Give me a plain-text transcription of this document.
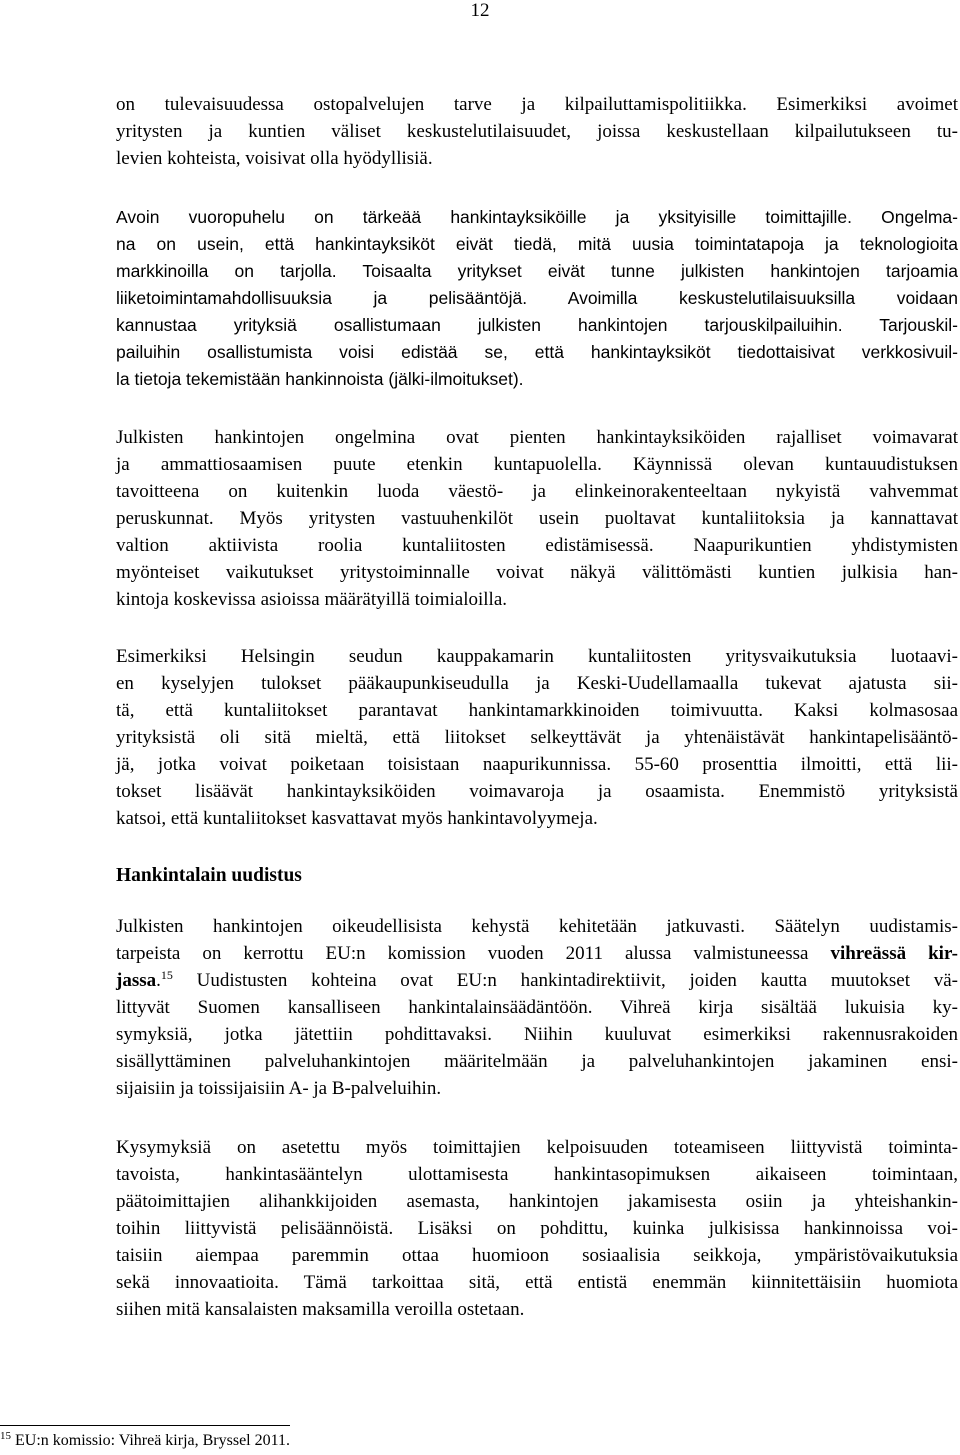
12
on tulevaisuudessa ostopalvelujen tarve ja kilpailuttamispolitiikka. Esimerkiksi avoimet
yritysten ja kuntien väliset keskustelutilaisuudet, joissa keskustellaan kilpailutukseen tu-
levien kohteista, voisivat olla hyödyllisiä.
Avoin vuoropuhelu on tärkeää hankintayksiköille ja yksityisille toimittajille. Ongelma-
na on usein, että hankintayksiköt eivät tiedä, mitä uusia toimintatapoja ja teknologioita
markkinoilla on tarjolla. Toisaalta yritykset eivät tunne julkisten hankintojen tarjoamia
liiketoimintamahdollisuuksia ja pelisääntöjä. Avoimilla keskustelutilaisuuksilla voidaan
kannustaa yrityksiä osallistumaan julkisten hankintojen tarjouskilpailuihin. Tarjouskil-
pailuihin osallistumista voisi edistää se, että hankintayksiköt tiedottaisivat verkkosivuil-
la tietoja tekemistään hankinnoista (jälki-ilmoitukset).
Julkisten hankintojen ongelmina ovat pienten hankintayksiköiden rajalliset voimavarat
ja ammattiosaamisen puute etenkin kuntapuolella. Käynnissä olevan kuntauudistuksen
tavoitteena on kuitenkin luoda väestö- ja elinkeinorakenteeltaan nykyistä vahvemmat
peruskunnat. Myös yritysten vastuuhenkilöt usein puoltavat kuntaliitoksia ja kannattavat
valtion aktiivista roolia kuntaliitosten edistämisessä. Naapurikuntien yhdistymisten
myönteiset vaikutukset yritystoiminnalle voivat näkyä välittömästi kuntien julkisia han-
kintoja koskevissa asioissa määrätyillä toimialoilla.
Esimerkiksi Helsingin seudun kauppakamarin kuntaliitosten yritysvaikutuksia luotaavi-
en kyselyjen tulokset pääkaupunkiseudulla ja Keski-Uudellamaalla tukevat ajatusta sii-
tä, että kuntaliitokset parantavat hankintamarkkinoiden toimivuutta. Kaksi kolmasosaa
yrityksistä oli sitä mieltä, että liitokset selkeyttävät ja yhtenäistävät hankintapelisääntö-
jä, jotka voivat poiketaan toisistaan naapurikunnissa. 55-60 prosenttia ilmoitti, että lii-
tokset lisäävät hankintayksiköiden voimavaroja ja osaamista. Enemmistö yrityksistä
katsoi, että kuntaliitokset kasvattavat myös hankintavolyymeja.
Hankintalain uudistus
Julkisten hankintojen oikeudellisista kehystä kehitetään jatkuvasti. Säätelyn uudistamis-
tarpeista on kerrottu EU:n komission vuoden 2011 alussa valmistuneessa vihreässä kir-
jassa.$^{15}$ Uudistusten kohteina ovat EU:n hankintadirektiivit, joiden kautta muutokset vä-
littyvät Suomen kansalliseen hankintalainsäädäntöön. Vihreä kirja sisältää lukuisia ky-
symyksiä, jotka jätettiin pohdittavaksi. Niihin kuuluvat esimerkiksi rakennusrakoiden
sisällyttäminen palveluhankintojen määritelmään ja palveluhankintojen jakaminen ensi-
sijaisiin ja toissijaisiin A- ja B-palveluihin.
Kysymyksiä on asetettu myös toimittajien kelpoisuuden toteamiseen liittyvistä toiminta-
tavoista, hankintasääntelyn ulottamisesta hankintasopimuksen aikaiseen toimintaan,
päätoimittajien alihankkijoiden asemasta, hankintojen jakamisesta osiin ja yhteishankin-
toihin liittyvistä pelisäännöistä. Lisäksi on pohdittu, kuinka julkisissa hankinnoissa voi-
taisiin aiempaa paremmin ottaa huomioon sosiaalisia seikkoja, ympäristövaikutuksia
sekä innovaatioita. Tämä tarkoittaa sitä, että entistä enemmän kiinnitettäisiin huomiota
siihen mitä kansalaisten maksamilla veroilla ostetaan.
$^{15}$ EU:n komissio: Vihreä kirja, Bryssel 2011.
